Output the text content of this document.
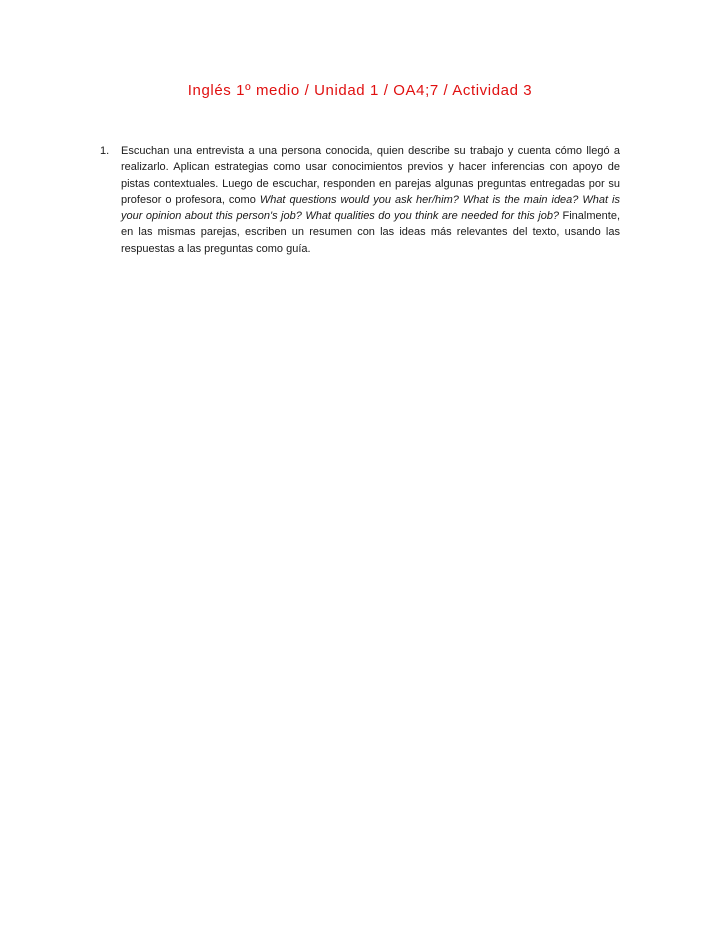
Inglés 1º medio / Unidad 1 / OA4;7 / Actividad 3
1.	Escuchan una entrevista a una persona conocida, quien describe su trabajo y cuenta cómo llegó a realizarlo. Aplican estrategias como usar conocimientos previos y hacer inferencias con apoyo de pistas contextuales. Luego de escuchar, responden en parejas algunas preguntas entregadas por su profesor o profesora, como What questions would you ask her/him? What is the main idea? What is your opinion about this person's job? What qualities do you think are needed for this job? Finalmente, en las mismas parejas, escriben un resumen con las ideas más relevantes del texto, usando las respuestas a las preguntas como guía.
